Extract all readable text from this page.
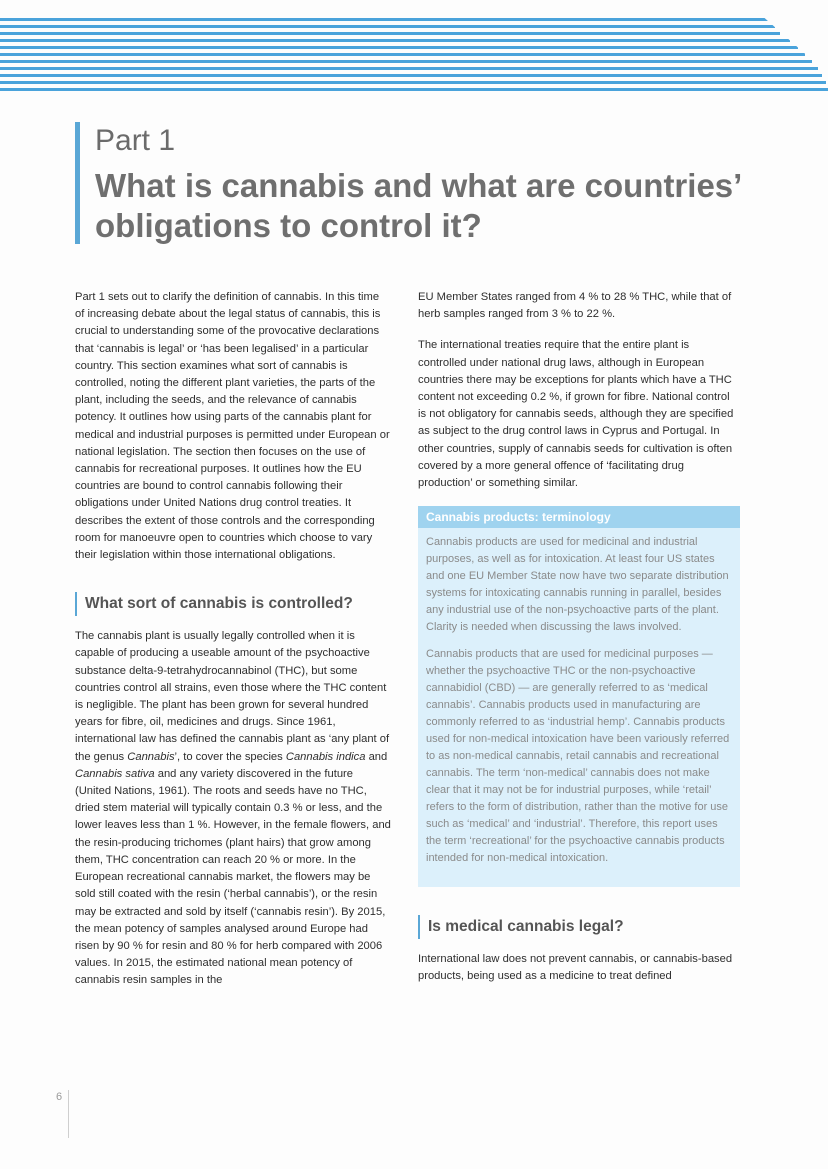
Part 1
What is cannabis and what are countries’ obligations to control it?

Part 1 sets out to clarify the definition of cannabis. In this time of increasing debate about the legal status of cannabis, this is crucial to understanding some of the provocative declarations that ‘cannabis is legal’ or ‘has been legalised’ in a particular country. This section examines what sort of cannabis is controlled, noting the different plant varieties, the parts of the plant, including the seeds, and the relevance of cannabis potency. It outlines how using parts of the cannabis plant for medical and industrial purposes is permitted under European or national legislation. The section then focuses on the use of cannabis for recreational purposes. It outlines how the EU countries are bound to control cannabis following their obligations under United Nations drug control treaties. It describes the extent of those controls and the corresponding room for manoeuvre open to countries which choose to vary their legislation within those international obligations.

What sort of cannabis is controlled?

The cannabis plant is usually legally controlled when it is capable of producing a useable amount of the psychoactive substance delta-9-tetrahydrocannabinol (THC), but some countries control all strains, even those where the THC content is negligible. The plant has been grown for several hundred years for fibre, oil, medicines and drugs. Since 1961, international law has defined the cannabis plant as ‘any plant of the genus Cannabis’, to cover the species Cannabis indica and Cannabis sativa and any variety discovered in the future (United Nations, 1961). The roots and seeds have no THC, dried stem material will typically contain 0.3 % or less, and the lower leaves less than 1 %. However, in the female flowers, and the resin-producing trichomes (plant hairs) that grow among them, THC concentration can reach 20 % or more. In the European recreational cannabis market, the flowers may be sold still coated with the resin (‘herbal cannabis’), or the resin may be extracted and sold by itself (‘cannabis resin’). By 2015, the mean potency of samples analysed around Europe had risen by 90 % for resin and 80 % for herb compared with 2006 values. In 2015, the estimated national mean potency of cannabis resin samples in the

EU Member States ranged from 4 % to 28 % THC, while that of herb samples ranged from 3 % to 22 %.

The international treaties require that the entire plant is controlled under national drug laws, although in European countries there may be exceptions for plants which have a THC content not exceeding 0.2 %, if grown for fibre. National control is not obligatory for cannabis seeds, although they are specified as subject to the drug control laws in Cyprus and Portugal. In other countries, supply of cannabis seeds for cultivation is often covered by a more general offence of ‘facilitating drug production’ or something similar.

Cannabis products: terminology

Cannabis products are used for medicinal and industrial purposes, as well as for intoxication. At least four US states and one EU Member State now have two separate distribution systems for intoxicating cannabis running in parallel, besides any industrial use of the non-psychoactive parts of the plant. Clarity is needed when discussing the laws involved.

Cannabis products that are used for medicinal purposes — whether the psychoactive THC or the non-psychoactive cannabidiol (CBD) — are generally referred to as ‘medical cannabis’. Cannabis products used in manufacturing are commonly referred to as ‘industrial hemp’. Cannabis products used for non-medical intoxication have been variously referred to as non-medical cannabis, retail cannabis and recreational cannabis. The term ‘non-medical’ cannabis does not make clear that it may not be for industrial purposes, while ‘retail’ refers to the form of distribution, rather than the motive for use such as ‘medical’ and ‘industrial’. Therefore, this report uses the term ‘recreational’ for the psychoactive cannabis products intended for non-medical intoxication.

Is medical cannabis legal?

International law does not prevent cannabis, or cannabis-based products, being used as a medicine to treat defined

6
